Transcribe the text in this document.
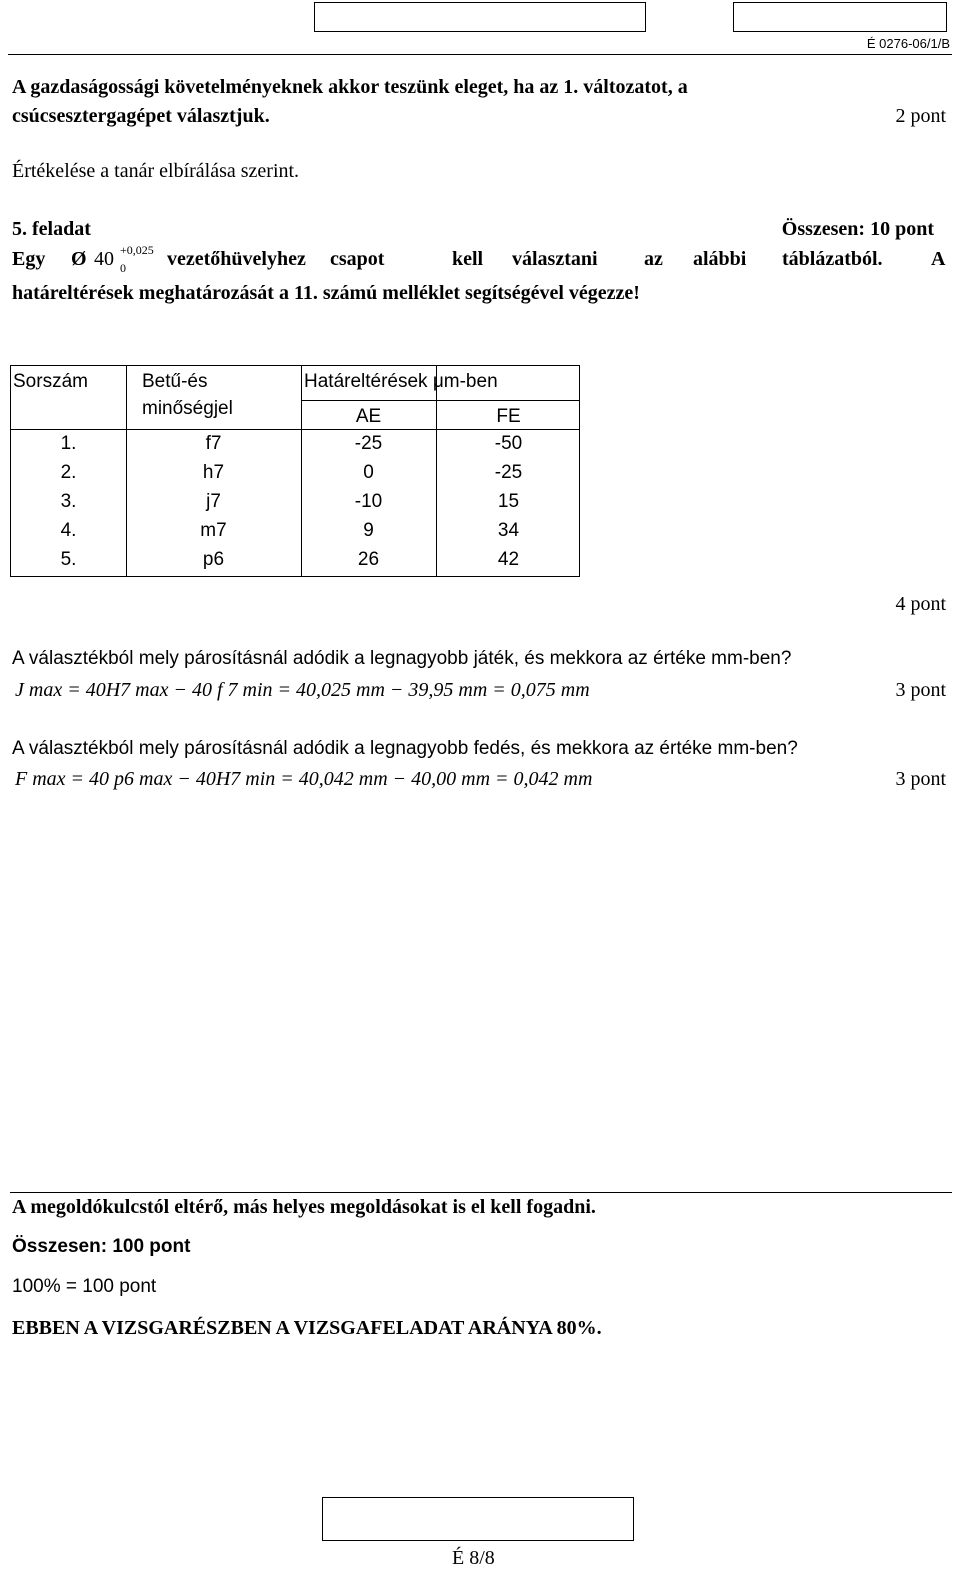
É 0276-06/1/B
A gazdaságossági követelményeknek akkor teszünk eleget, ha az 1. változatot, a
csúcsesztergagépet választjuk.	2 pont
Értékelése a tanár elbírálása szerint.
5. feladat	Összesen: 10 pont
Egy Ø 40 +0,025
0 vezetőhüvelyhez csapot	kell választani az alábbi táblázatból. A
határeltérések meghatározását a 11. számú melléklet segítségével végezze!
Sorszám	Betű-és
minőségjel
Határeltérések μm-ben
AE	FE
1.	f7	-25	-50
2.	h7	0	-25
3.	j7	-10	15
4.	m7	9	34
5.	p6	26	42
4 pont
A választékból mely párosításnál adódik a legnagyobb játék, és mekkora az értéke mm-ben?
J max = 40H7 max − 40 f 7 min = 40,025 mm − 39,95 mm = 0,075 mm	3 pont
A választékból mely párosításnál adódik a legnagyobb fedés, és mekkora az értéke mm-ben?
F max = 40 p6 max − 40H7 min = 40,042 mm − 40,00 mm = 0,042 mm	3 pont
A megoldókulcstól eltérő, más helyes megoldásokat is el kell fogadni.
Összesen: 100 pont
100% = 100 pont
EBBEN A VIZSGARÉSZBEN A VIZSGAFELADAT ARÁNYA 80%.
É 8/8
